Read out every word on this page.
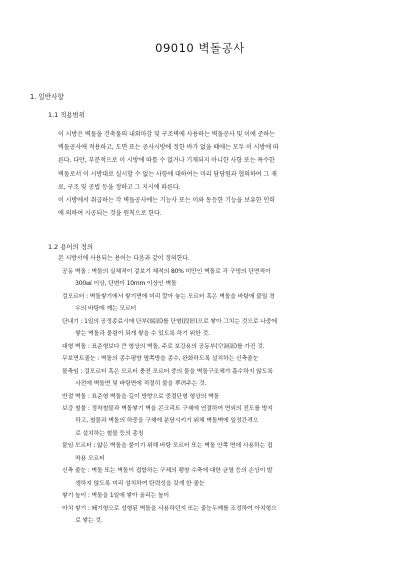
09010 벽돌공사
1. 일반사항
1.1 적용범위
이 시방은 벽돌을 건축물의 내외마감 및 구조벽에 사용하는 벽돌공사 및 이에 준하는
벽돌공사에 적용하고, 도면 또는 공사시방에 정한 바가 없을 때에는 모두 이 시방에 따
른다. 다만, 부분적으로 이 시방에 따를 수 없거나 기재되지 아니한 사항 또는 특수한
벽돌로서 이 시방대로 실시할 수 없는 사항에 대하여는 미리 담당원과 협의하여 그 재
료, 구조 및 공법 등을 정하고 그 지시에 따른다.
이 시방에서 취급하는 각 벽돌공사에는 기능사 또는 이와 동등한 기능을 보유한 인력
에 의하여 시공되는 것을 원칙으로 한다.
1.2 용어의 정의
본 시방서에 사용되는 용어는 다음과 같이 정의한다.
공동 벽돌 : 벽돌의 실체적이 겉보기 체적의 80% 미만인 벽돌로 각 구멍의 단면적이
300㎟ 이상, 단변이 10mm 이상인 벽돌
걸모르터 : 벽돌쌓기에서 쌓기면에 미리 깔아 놓는 모르터 혹은 벽돌을 바탕에 붙일 경
우의 바탕에 깨는 모르터
단내기 : 1일의 공정종료시에 단부(端部)를 단형(段形)으로 쌓아 그치는 것으로 나중에
쌓는 벽돌과 물림이 되게 쌓을 수 있도록 하기 위한 것.
대형 벽돌 : 표준형보다 큰 형상의 벽돌, 주로 보강용의 공동부(空洞部)를 가진 것.
무보면트줄눈 : 벽돌의 종수평방 옆쪽방을 종수, 완화하도록 설치하는 신축줄눈
물축임 : 걸모르터 혹은 모르터 충전 모르터 중의 물을 벽돌구조체가 흡수하지 않도록
사전에 벽돌면 및 바탕면에 적절히 물을 뿌려주는 것.
반절 벽돌 : 표준형 벽돌을 길이 방향으로 중절단형 형상의 벽돌
보강 철물 : 정착철물과 벽돌쌓기 벽을 콘크리트 구체에 연결하여 면외의 전도를 방지
하고, 철물과 벽돌의 하중을 구체에 분담시키기 위해 벽돌벽에 일정간격으
로 설치하는 철물 등의 총칭
붙임 모르터 : 얇은 벽돌을 붙이기 위해 바탕 모르터 또는 벽돌 안쪽 면에 사용하는 접
착용 모르터
신축 줄눈 : 벽돌 또는 벽돌이 접합하는 구체의 팽창 수축에 대한 균열 등의 손상이 발
생하지 않도록 미리 설치하여 탄력성을 갖게 한 줄눈
쌓기 높이 : 벽돌을 1일에 쌓아 올리는 높이
아치 쌓기 : 쐐기형으로 성형된 벽돌을 사용하던지 또는 줄눈두께를 조정하여 아치형으
로 쌓는 것.
